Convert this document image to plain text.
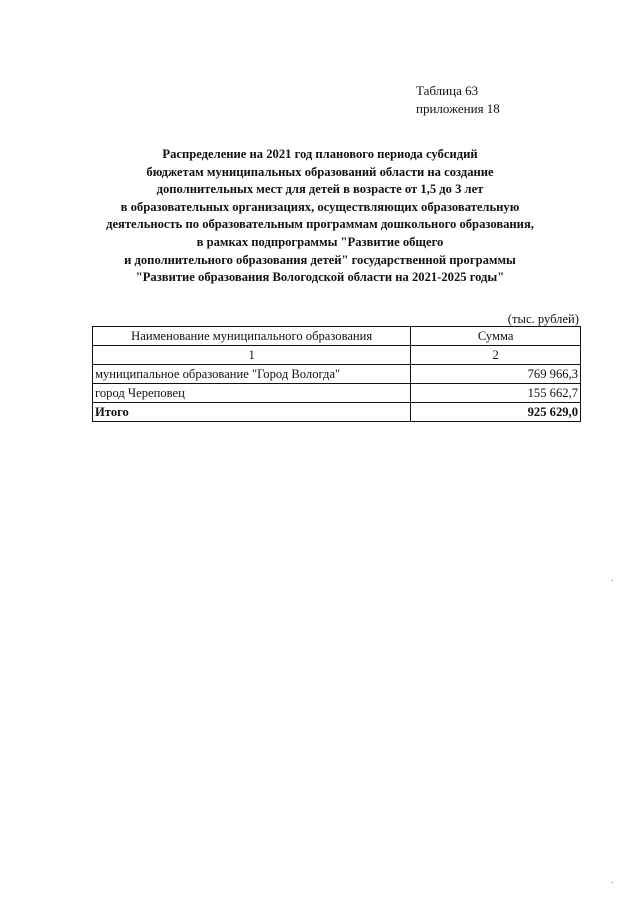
Таблица 63
приложения 18
Распределение на 2021 год планового периода субсидий
бюджетам муниципальных образований области на создание
дополнительных мест для детей в возрасте от 1,5 до 3 лет
в образовательных организациях, осуществляющих образовательную
деятельность по образовательным программам дошкольного образования,
в рамках подпрограммы "Развитие общего
и дополнительного образования детей" государственной программы
"Развитие образования Вологодской области на 2021-2025 годы"
(тыс. рублей)
Наименование муниципального образования	Сумма
1	2
муниципальное образование "Город Вологда"	769 966,3
город Череповец	155 662,7
Итого	925 629,0
·
·
